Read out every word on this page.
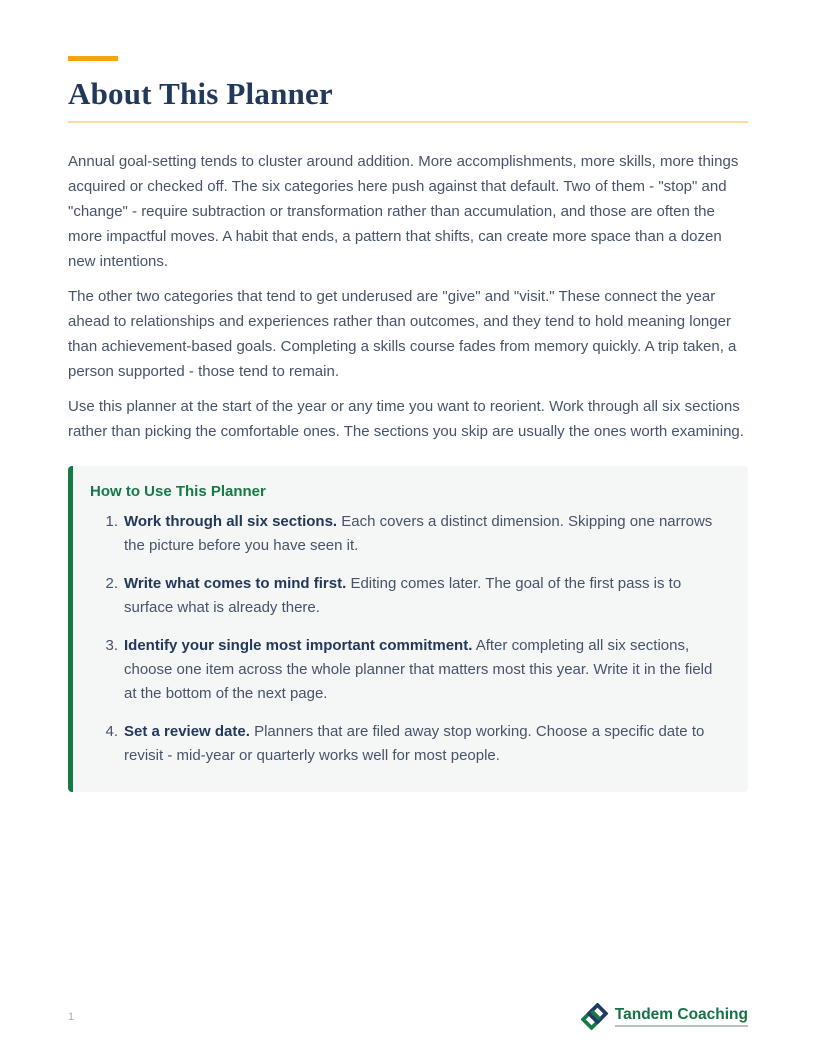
About This Planner

Annual goal-setting tends to cluster around addition. More accomplishments, more skills, more things acquired or checked off. The six categories here push against that default. Two of them - "stop" and "change" - require subtraction or transformation rather than accumulation, and those are often the more impactful moves. A habit that ends, a pattern that shifts, can create more space than a dozen new intentions.

The other two categories that tend to get underused are "give" and "visit." These connect the year ahead to relationships and experiences rather than outcomes, and they tend to hold meaning longer than achievement-based goals. Completing a skills course fades from memory quickly. A trip taken, a person supported - those tend to remain.

Use this planner at the start of the year or any time you want to reorient. Work through all six sections rather than picking the comfortable ones. The sections you skip are usually the ones worth examining.

How to Use This Planner
1. Work through all six sections. Each covers a distinct dimension. Skipping one narrows the picture before you have seen it.
2. Write what comes to mind first. Editing comes later. The goal of the first pass is to surface what is already there.
3. Identify your single most important commitment. After completing all six sections, choose one item across the whole planner that matters most this year. Write it in the field at the bottom of the next page.
4. Set a review date. Planners that are filed away stop working. Choose a specific date to revisit - mid-year or quarterly works well for most people.
1	Tandem Coaching
